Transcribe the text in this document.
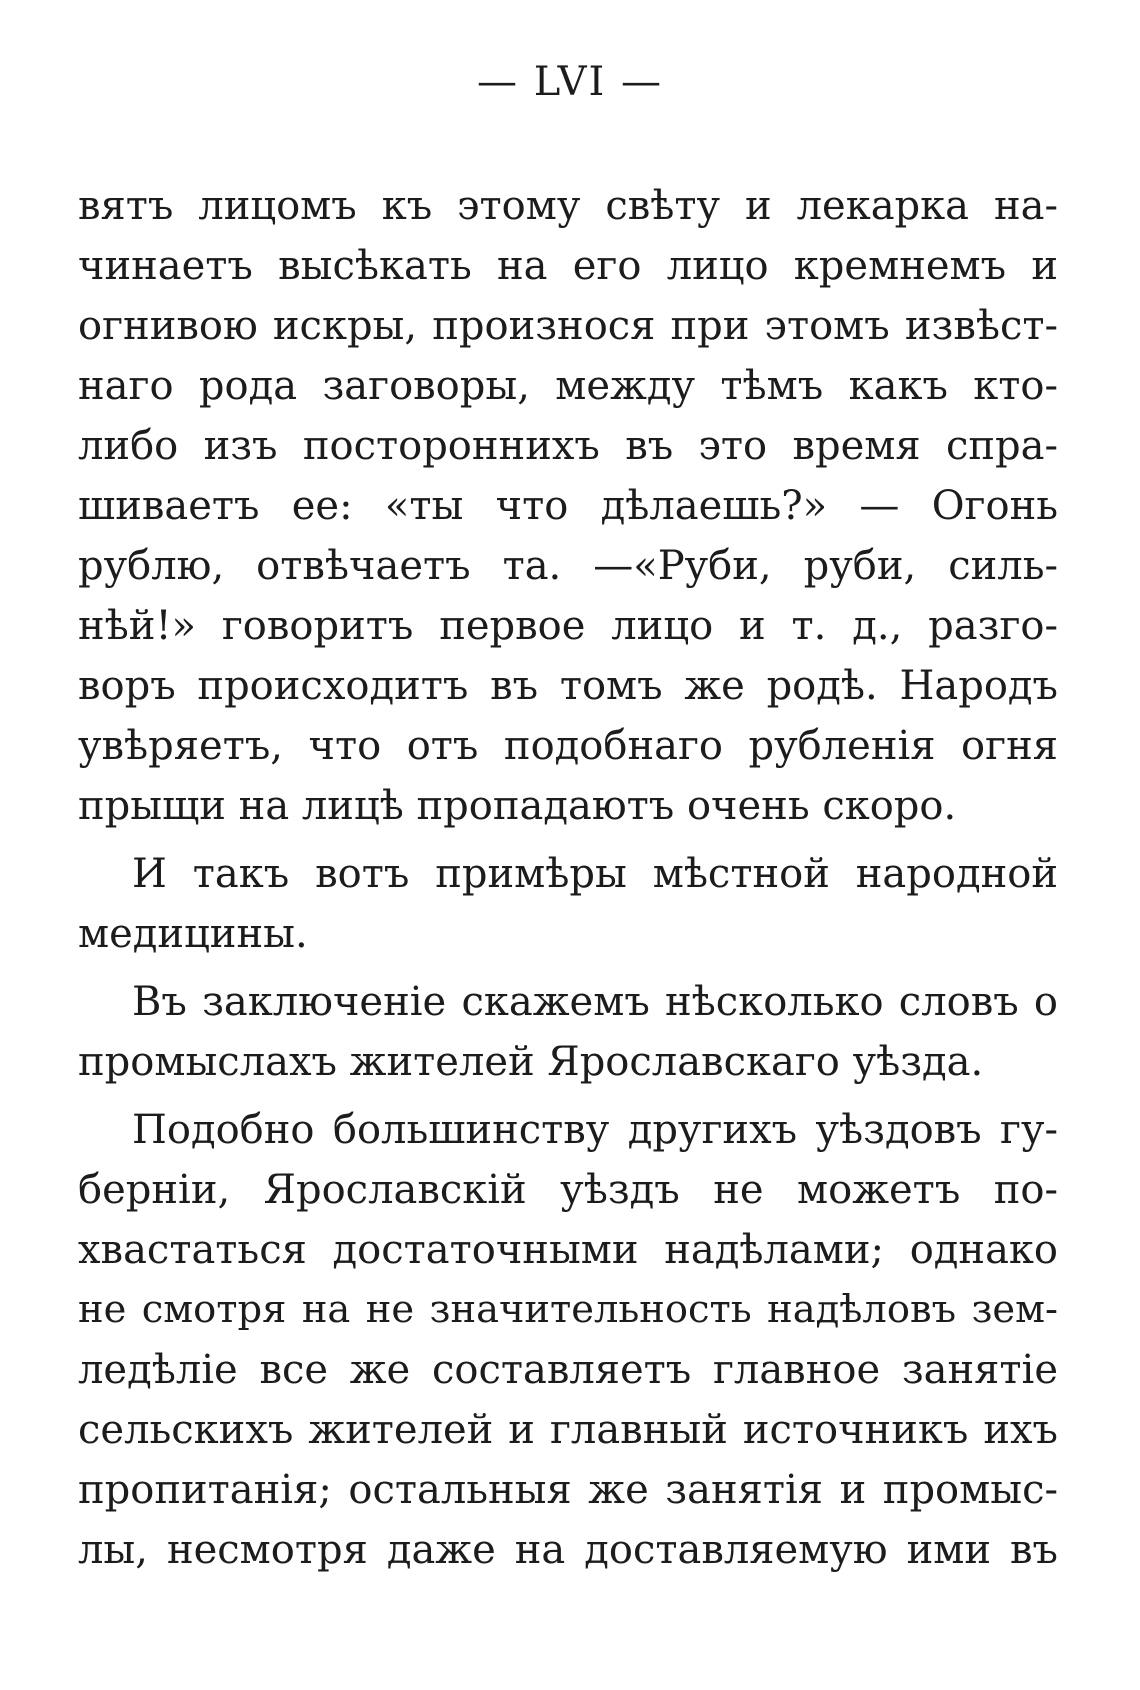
— LVI —
вятъ лицомъ къ этому свѣту и лекарка на-
чинаетъ высѣкать на его лицо кремнемъ и
огнивою искры, произнося при этомъ извѣст-
наго рода заговоры, между тѣмъ какъ кто-
либо изъ постороннихъ въ это время спра-
шиваетъ ее: «ты что дѣлаешь?» — Огонь
рублю, отвѣчаетъ та. —«Руби, руби, силь-
нѣй!» говоритъ первое лицо и т. д., разго-
воръ происходитъ въ томъ же родѣ. Народъ
увѣряетъ, что отъ подобнаго рубленія огня
прыщи на лицѣ пропадаютъ очень скоро.
И такъ вотъ примѣры мѣстной народной
медицины.
Въ заключеніе скажемъ нѣсколько словъ о
промыслахъ жителей Ярославскаго уѣзда.
Подобно большинству другихъ уѣздовъ гу-
берніи, Ярославскій уѣздъ не можетъ по-
хвастаться достаточными надѣлами; однако
не смотря на не значительность надѣловъ зем-
ледѣліе все же составляетъ главное занятіе
сельскихъ жителей и главный источникъ ихъ
пропитанія; остальныя же занятія и промыс-
лы, несмотря даже на доставляемую ими въ
